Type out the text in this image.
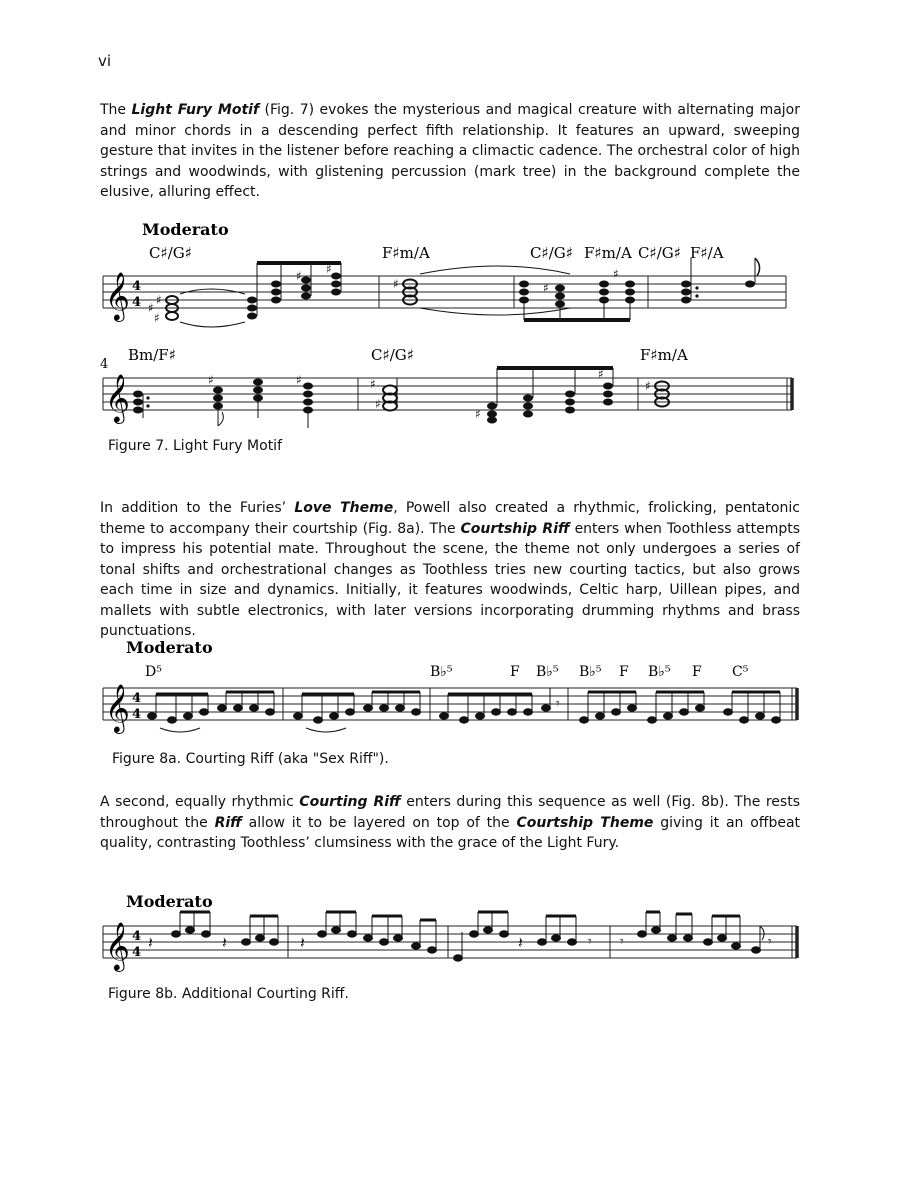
vi

The Light Fury Motif (Fig. 7) evokes the mysterious and magical creature with alternating major and minor chords in a descending perfect fifth relationship. It features an upward, sweeping gesture that invites in the listener before reaching a climactic cadence. The orchestral color of high strings and woodwinds, with glistening percussion (mark tree) in the background complete the elusive, alluring effect.

Moderato
C♯/G♯	F♯m/A	C♯/G♯ F♯m/A C♯/G♯ F♯/A
𝄞 4
4 ♯
♯
♯
♯ ♯
♯	♯
♯
4
Bm/F♯	C♯/G♯	F♯m/A
𝄞	♯	♯	♯
♯
♯
♯
♯

Figure 7. Light Fury Motif

In addition to the Furies’ Love Theme, Powell also created a rhythmic, frolicking, pentatonic theme to accompany their courtship (Fig. 8a). The Courtship Riff enters when Toothless attempts to impress his potential mate. Throughout the scene, the theme not only undergoes a series of tonal shifts and orchestrational changes as Toothless tries new courting tactics, but also grows each time in size and dynamics. Initially, it features woodwinds, Celtic harp, Uillean pipes, and mallets with subtle electronics, with later versions incorporating drumming rhythms and brass punctuations.

Moderato
D⁵	B♭⁵	F B♭⁵ B♭⁵ F B♭⁵ F C⁵
𝄞 4
4
𝄾

Figure 8a. Courting Riff (aka "Sex Riff").

A second, equally rhythmic Courting Riff enters during this sequence as well (Fig. 8b). The rests throughout the Riff allow it to be layered on top of the Courtship Theme giving it an offbeat quality, contrasting Toothless’ clumsiness with the grace of the Light Fury.

Moderato
𝄞 4
4
𝄽	𝄽	𝄽	𝄽	𝄾 𝄾	𝄾

Figure 8b. Additional Courting Riff.
